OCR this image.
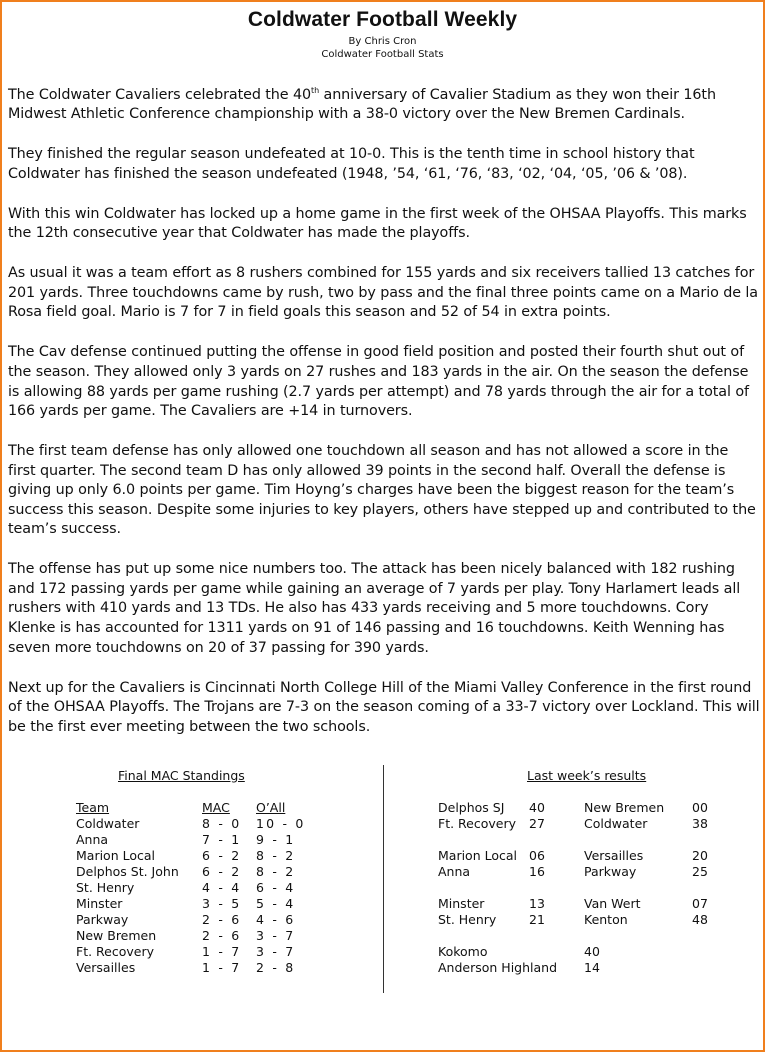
Coldwater Football Weekly
By Chris Cron
Coldwater Football Stats

The Coldwater Cavaliers celebrated the 40th anniversary of Cavalier Stadium as they won their 16th Midwest Athletic Conference championship with a 38-0 victory over the New Bremen Cardinals.

They finished the regular season undefeated at 10-0. This is the tenth time in school history that Coldwater has finished the season undefeated (1948, ’54, ‘61, ‘76, ‘83, ‘02, ‘04, ‘05, ’06 & ’08).

With this win Coldwater has locked up a home game in the first week of the OHSAA Playoffs. This marks the 12th consecutive year that Coldwater has made the playoffs.

As usual it was a team effort as 8 rushers combined for 155 yards and six receivers tallied 13 catches for 201 yards. Three touchdowns came by rush, two by pass and the final three points came on a Mario de la Rosa field goal. Mario is 7 for 7 in field goals this season and 52 of 54 in extra points.

The Cav defense continued putting the offense in good field position and posted their fourth shut out of the season. They allowed only 3 yards on 27 rushes and 183 yards in the air. On the season the defense is allowing 88 yards per game rushing (2.7 yards per attempt) and 78 yards through the air for a total of 166 yards per game. The Cavaliers are +14 in turnovers.

The first team defense has only allowed one touchdown all season and has not allowed a score in the first quarter. The second team D has only allowed 39 points in the second half. Overall the defense is giving up only 6.0 points per game. Tim Hoyng’s charges have been the biggest reason for the team’s success this season. Despite some injuries to key players, others have stepped up and contributed to the team’s success.

The offense has put up some nice numbers too. The attack has been nicely balanced with 182 rushing and 172 passing yards per game while gaining an average of 7 yards per play. Tony Harlamert leads all rushers with 410 yards and 13 TDs. He also has 433 yards receiving and 5 more touchdowns. Cory Klenke is has accounted for 1311 yards on 91 of 146 passing and 16 touchdowns. Keith Wenning has seven more touchdowns on 20 of 37 passing for 390 yards.

Next up for the Cavaliers is Cincinnati North College Hill of the Miami Valley Conference in the first round of the OHSAA Playoffs. The Trojans are 7-3 on the season coming of a 33-7 victory over Lockland. This will be the first ever meeting between the two schools.

Final MAC Standings	Last week’s results
Team	MAC O’All
Coldwater	8 - 0 10 - 0
Anna	7 - 1 9 - 1
Marion Local	6 - 2 8 - 2
Delphos St. John 6 - 2 8 - 2
St. Henry	4 - 4 6 - 4
Minster	3 - 5 5 - 4
Parkway	2 - 6 4 - 6
New Bremen	2 - 6 3 - 7
Ft. Recovery	1 - 7 3 - 7
Versailles	1 - 7 2 - 8
Delphos SJ 40	New Bremen 00
Ft. Recovery 27	Coldwater	38
Marion Local 06	Versailles	20
Anna	16	Parkway	25
Minster	13	Van Wert	07
St. Henry	21	Kenton	48
Kokomo	40
Anderson Highland 14
